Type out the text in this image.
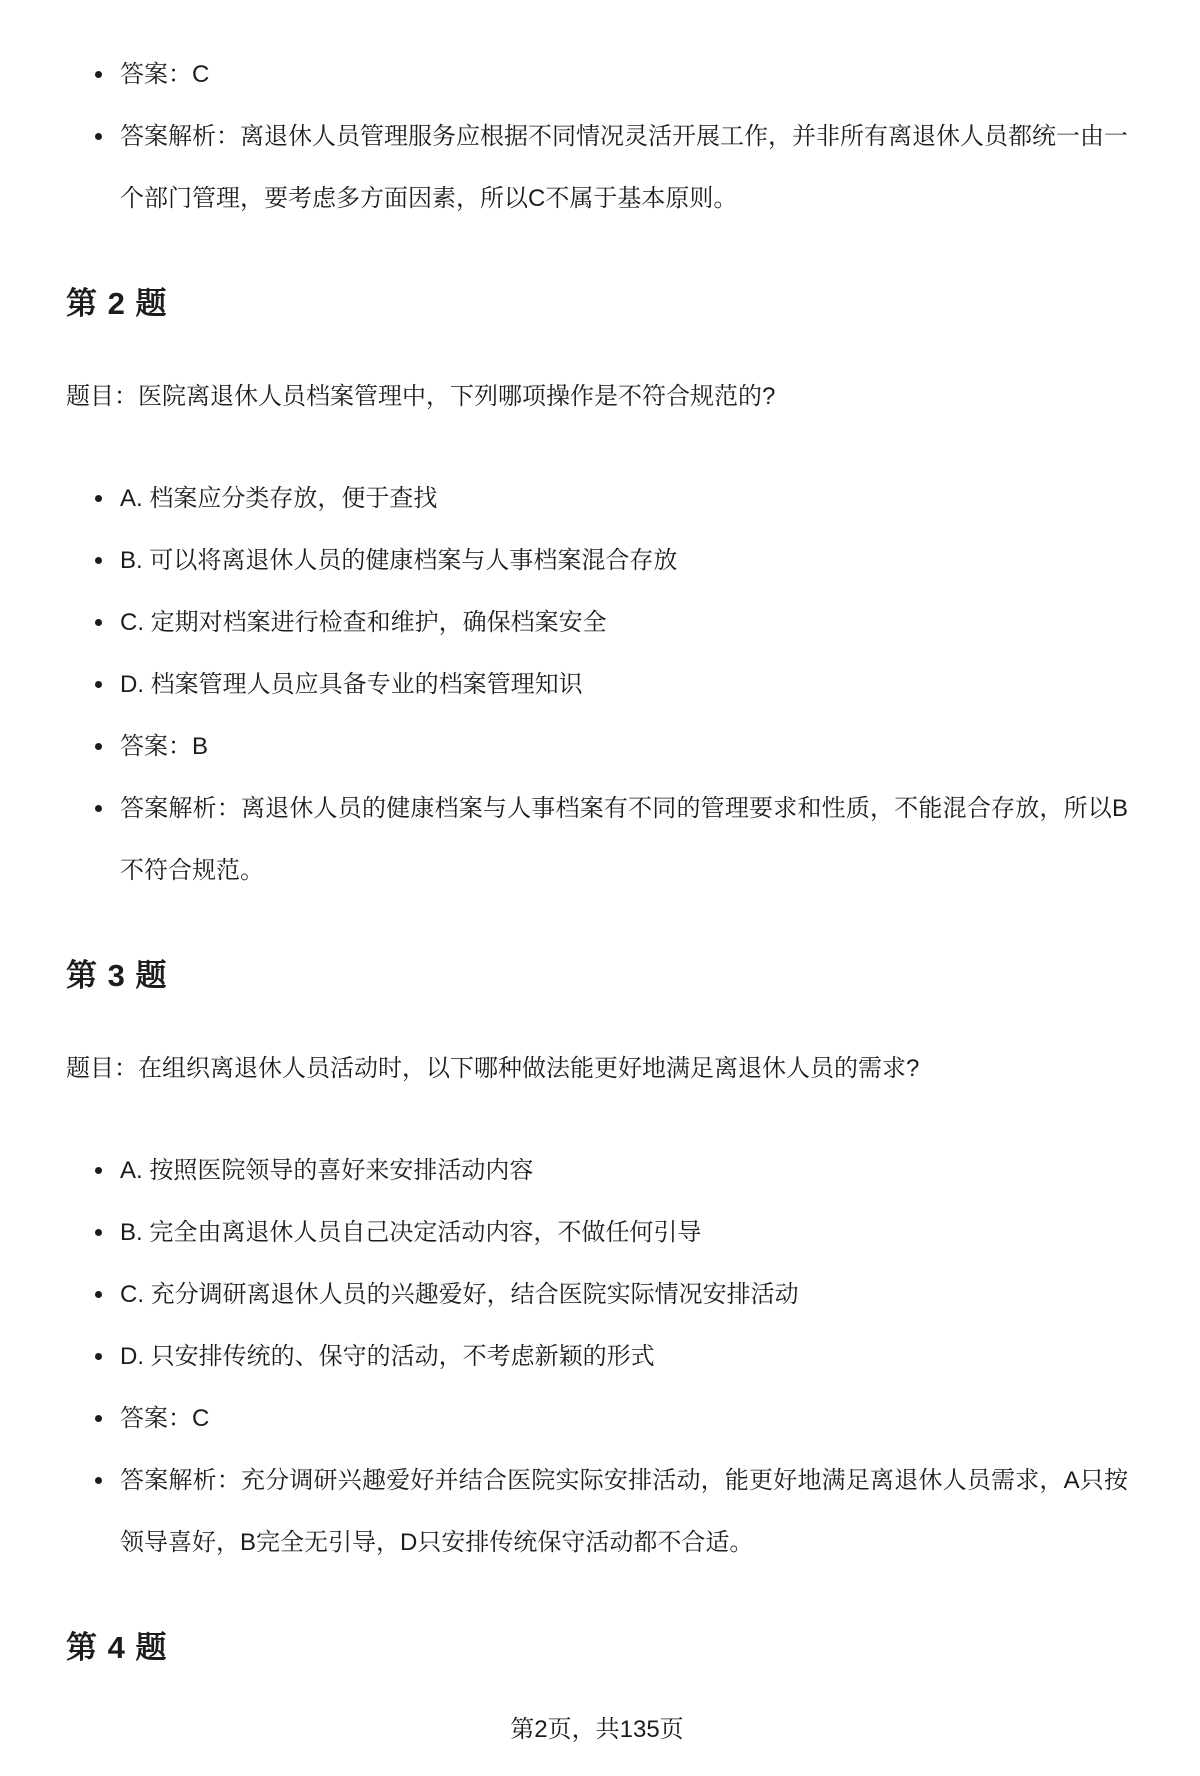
• 答案：C
• 答案解析：离退休人员管理服务应根据不同情况灵活开展工作，并非所有离退休人员都统一由一个部门管理，要考虑多方面因素，所以C不属于基本原则。
第 2 题

题目：医院离退休人员档案管理中，下列哪项操作是不符合规范的?

• A. 档案应分类存放，便于查找
• B. 可以将离退休人员的健康档案与人事档案混合存放
• C. 定期对档案进行检查和维护，确保档案安全
• D. 档案管理人员应具备专业的档案管理知识
• 答案：B
• 答案解析：离退休人员的健康档案与人事档案有不同的管理要求和性质，不能混合存放，所以B不符合规范。
第 3 题

题目：在组织离退休人员活动时，以下哪种做法能更好地满足离退休人员的需求?

• A. 按照医院领导的喜好来安排活动内容
• B. 完全由离退休人员自己决定活动内容，不做任何引导
• C. 充分调研离退休人员的兴趣爱好，结合医院实际情况安排活动
• D. 只安排传统的、保守的活动，不考虑新颖的形式
• 答案：C
• 答案解析：充分调研兴趣爱好并结合医院实际安排活动，能更好地满足离退休人员需求，A只按领导喜好，B完全无引导，D只安排传统保守活动都不合适。
第 4 题
第2页，共135页
